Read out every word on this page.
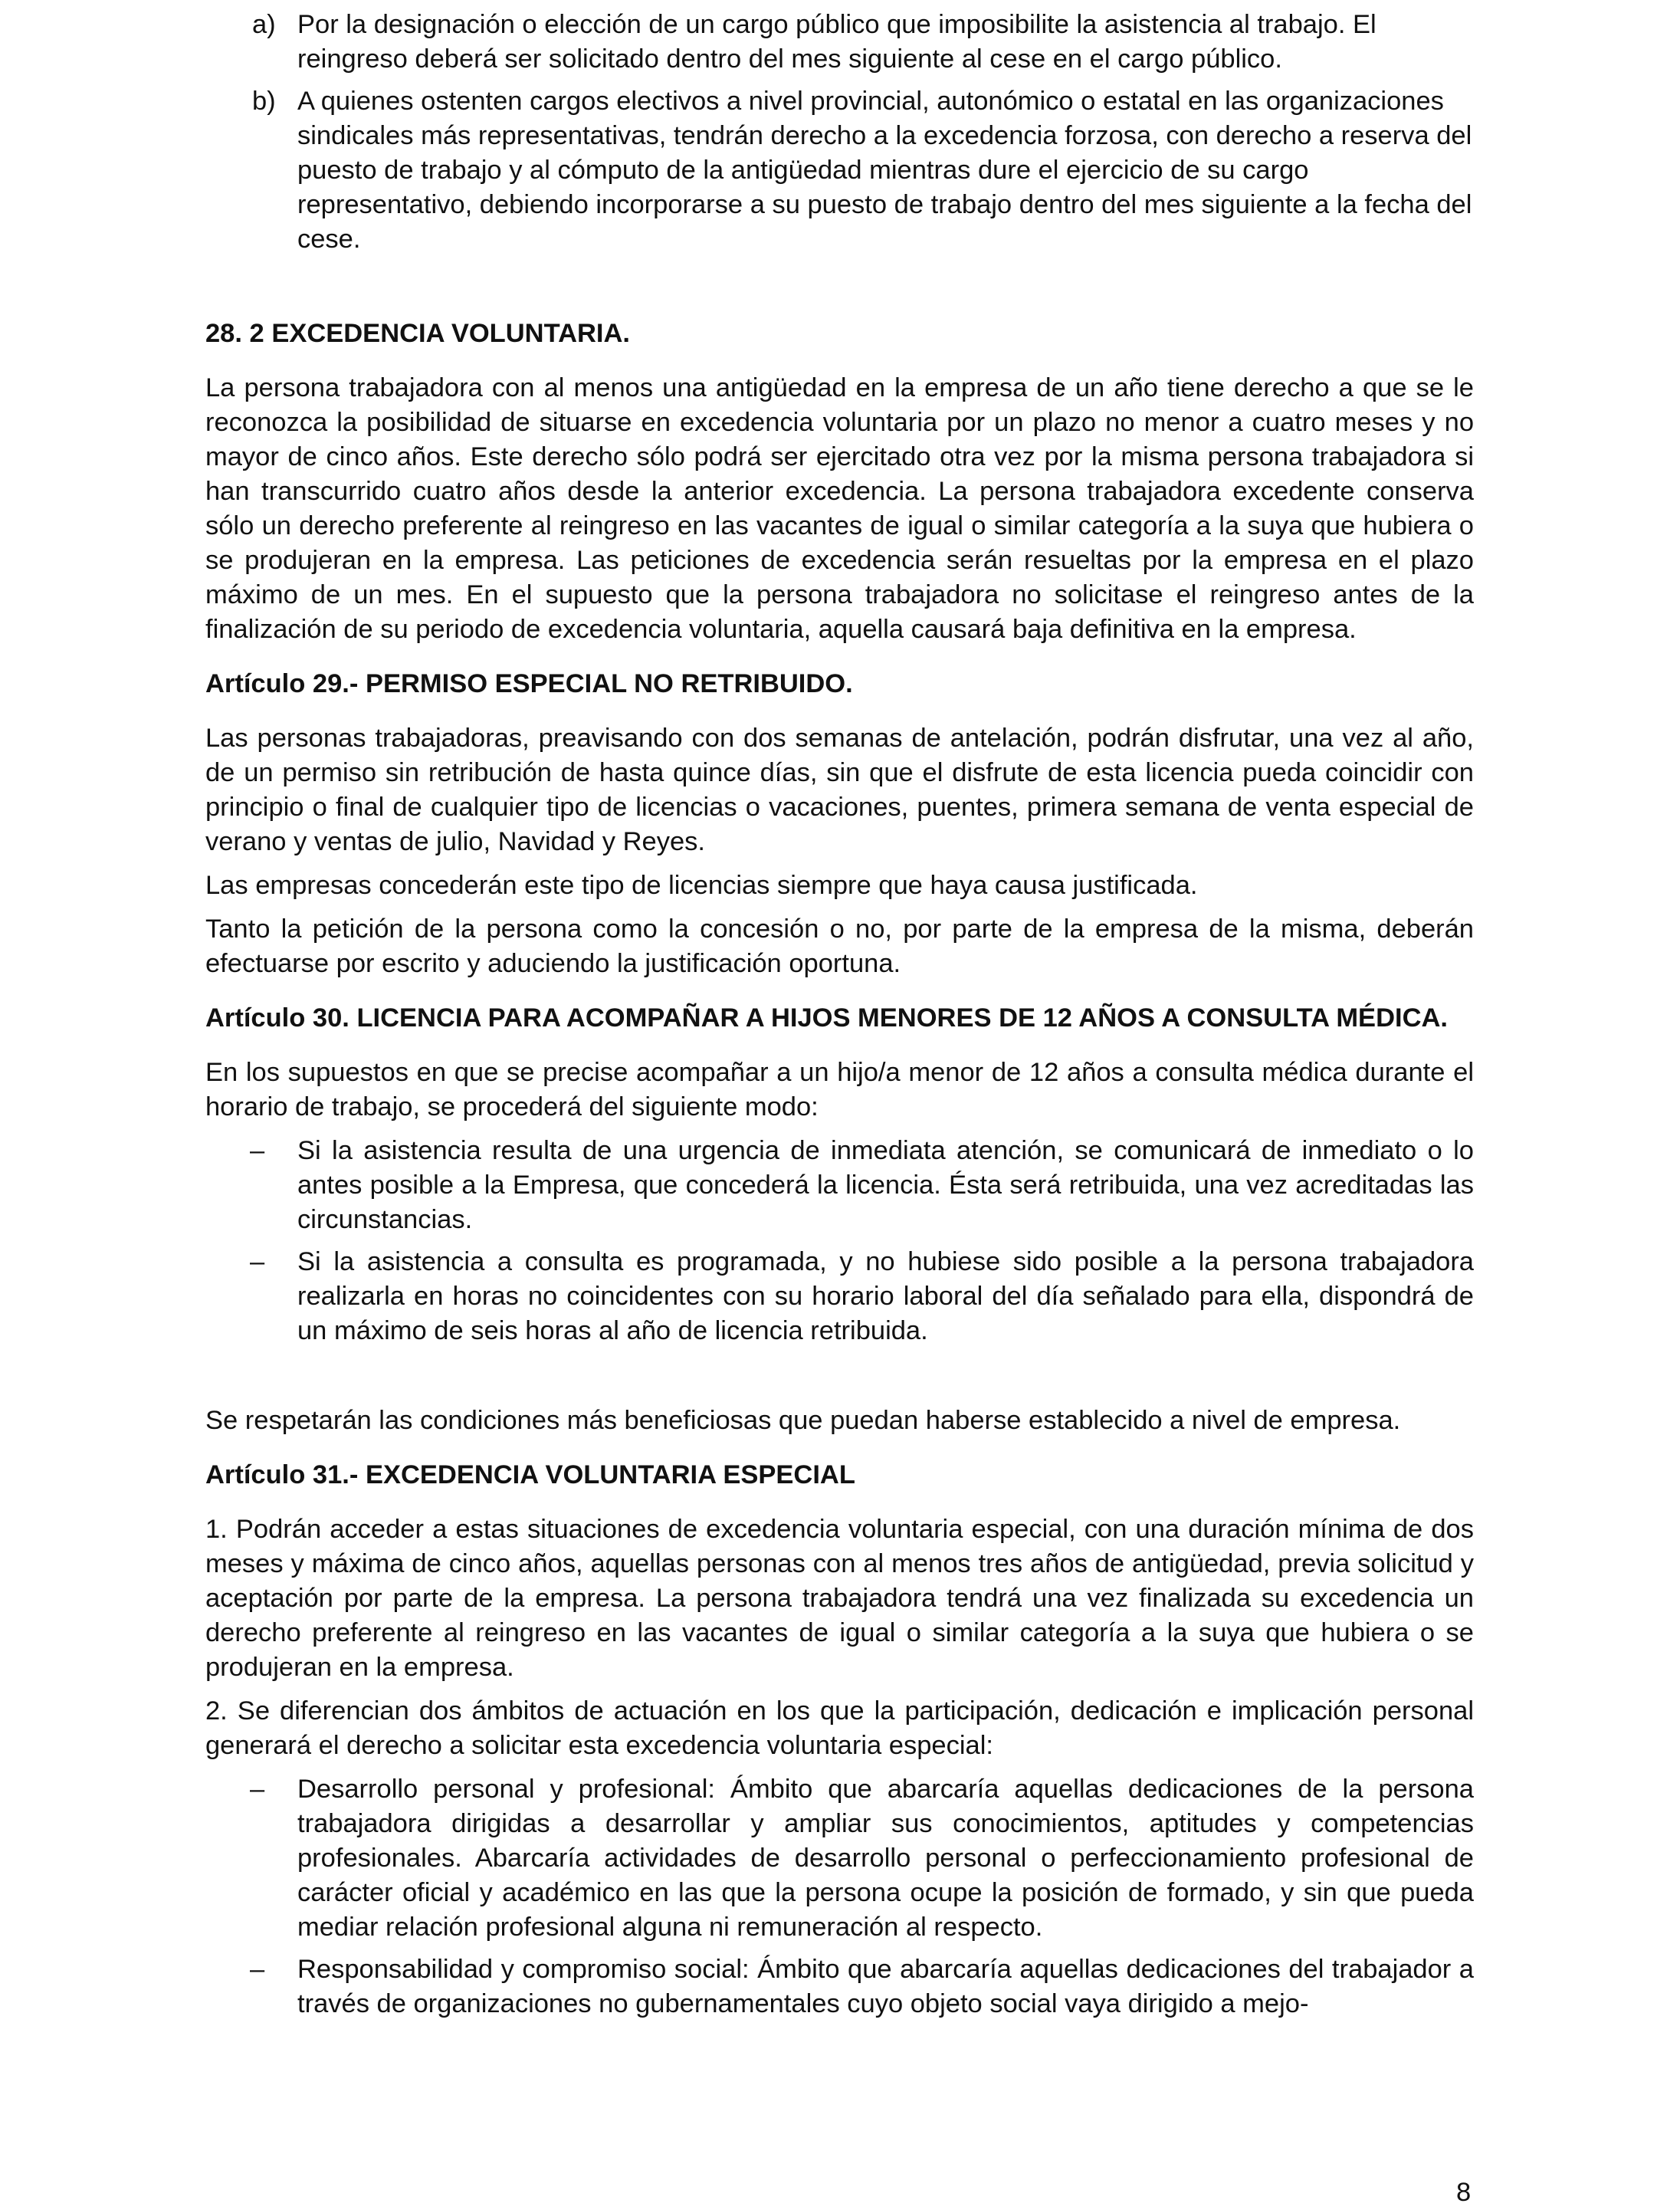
a) Por la designación o elección de un cargo público que imposibilite la asistencia al trabajo. El reingreso deberá ser solicitado dentro del mes siguiente al cese en el cargo público.
b) A quienes ostenten cargos electivos a nivel provincial, autonómico o estatal en las organizaciones sindicales más representativas, tendrán derecho a la excedencia forzosa, con derecho a reserva del puesto de trabajo y al cómputo de la antigüedad mientras dure el ejercicio de su cargo representativo, debiendo incorporarse a su puesto de trabajo dentro del mes siguiente a la fecha del cese.
28. 2 EXCEDENCIA VOLUNTARIA.

La persona trabajadora con al menos una antigüedad en la empresa de un año tiene derecho a que se le reconozca la posibilidad de situarse en excedencia voluntaria por un plazo no menor a cuatro meses y no mayor de cinco años. Este derecho sólo podrá ser ejercitado otra vez por la misma persona trabajadora si han transcurrido cuatro años desde la anterior excedencia. La persona trabajadora excedente conserva sólo un derecho preferente al reingreso en las vacantes de igual o similar categoría a la suya que hubiera o se produjeran en la empresa. Las peticiones de excedencia serán resueltas por la empresa en el plazo máximo de un mes. En el supuesto que la persona trabajadora no solicitase el reingreso antes de la finalización de su periodo de excedencia voluntaria, aquella causará baja definitiva en la empresa.

Artículo 29.- PERMISO ESPECIAL NO RETRIBUIDO.

Las personas trabajadoras, preavisando con dos semanas de antelación, podrán disfrutar, una vez al año, de un permiso sin retribución de hasta quince días, sin que el disfrute de esta licencia pueda coincidir con principio o final de cualquier tipo de licencias o vacaciones, puentes, primera semana de venta especial de verano y ventas de julio, Navidad y Reyes.

Las empresas concederán este tipo de licencias siempre que haya causa justificada.

Tanto la petición de la persona como la concesión o no, por parte de la empresa de la misma, deberán efectuarse por escrito y aduciendo la justificación oportuna.

Artículo 30. LICENCIA PARA ACOMPAÑAR A HIJOS MENORES DE 12 AÑOS A CONSULTA MÉDICA.

En los supuestos en que se precise acompañar a un hijo/a menor de 12 años a consulta médica durante el horario de trabajo, se procederá del siguiente modo:

–	Si la asistencia resulta de una urgencia de inmediata atención, se comunicará de inmediato o lo antes posible a la Empresa, que concederá la licencia. Ésta será retribuida, una vez acreditadas las circunstancias.
–	Si la asistencia a consulta es programada, y no hubiese sido posible a la persona trabajadora realizarla en horas no coincidentes con su horario laboral del día señalado para ella, dispondrá de un máximo de seis horas al año de licencia retribuida.

Se respetarán las condiciones más beneficiosas que puedan haberse establecido a nivel de empresa.

Artículo 31.- EXCEDENCIA VOLUNTARIA ESPECIAL

1. Podrán acceder a estas situaciones de excedencia voluntaria especial, con una duración mínima de dos meses y máxima de cinco años, aquellas personas con al menos tres años de antigüedad, previa solicitud y aceptación por parte de la empresa. La persona trabajadora tendrá una vez finalizada su excedencia un derecho preferente al reingreso en las vacantes de igual o similar categoría a la suya que hubiera o se produjeran en la empresa.

2. Se diferencian dos ámbitos de actuación en los que la participación, dedicación e implicación personal generará el derecho a solicitar esta excedencia voluntaria especial:

–	Desarrollo personal y profesional: Ámbito que abarcaría aquellas dedicaciones de la persona trabajadora dirigidas a desarrollar y ampliar sus conocimientos, aptitudes y competencias profesionales. Abarcaría actividades de desarrollo personal o perfeccionamiento profesional de carácter oficial y académico en las que la persona ocupe la posición de formado, y sin que pueda mediar relación profesional alguna ni remuneración al respecto.
–	Responsabilidad y compromiso social: Ámbito que abarcaría aquellas dedicaciones del trabajador a través de organizaciones no gubernamentales cuyo objeto social vaya dirigido a mejo-
8
